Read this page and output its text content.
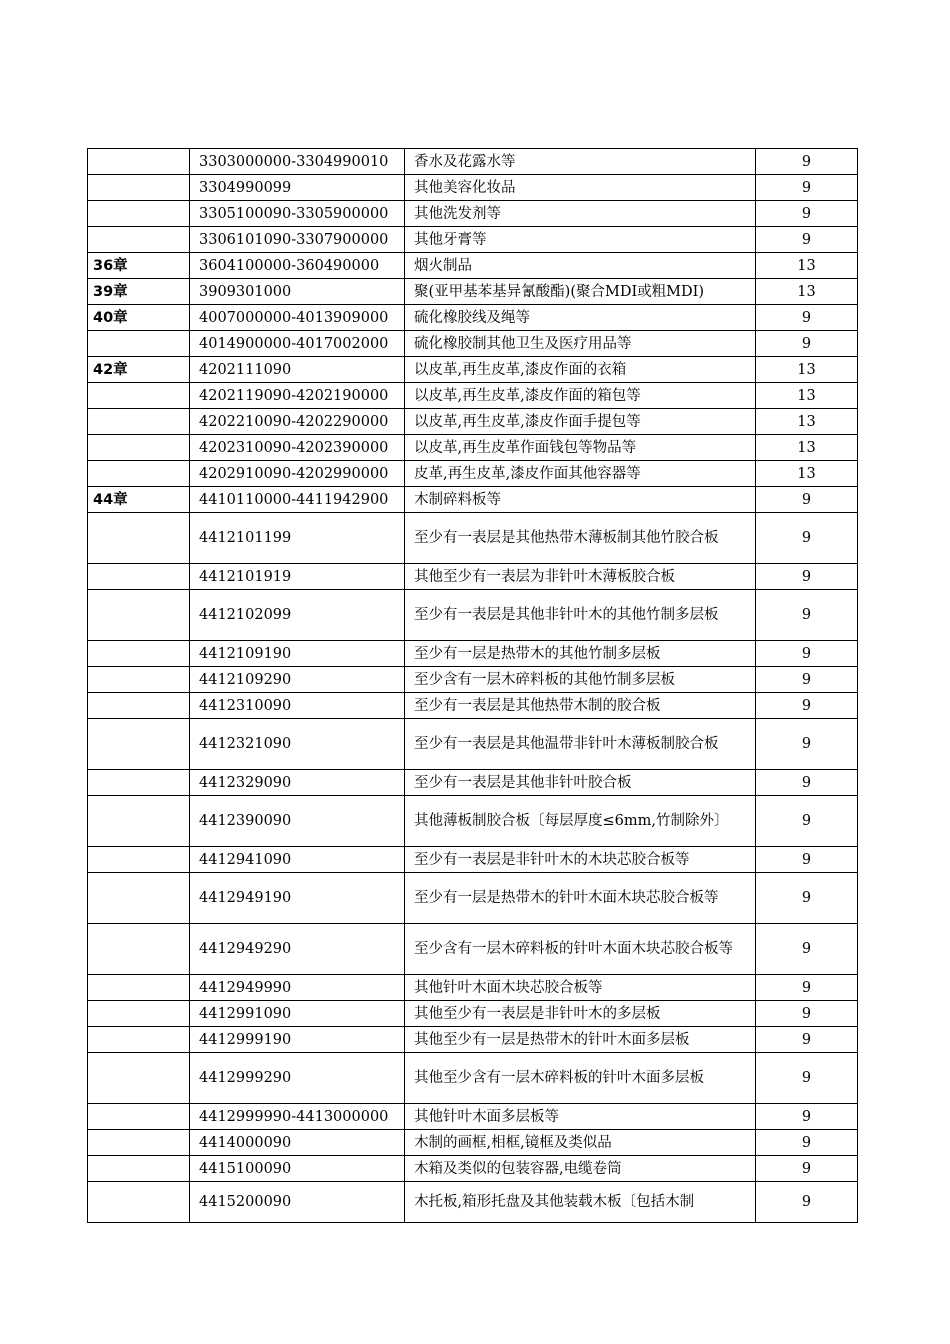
	3303000000-3304990010	香水及花露水等	9
	3304990099	其他美容化妆品	9
	3305100090-3305900000	其他洗发剂等	9
	3306101090-3307900000	其他牙膏等	9
36章	3604100000-360490000	烟火制品	13
39章	3909301000	聚(亚甲基苯基异氰酸酯)(聚合MDI或粗MDI)	13
40章	4007000000-4013909000	硫化橡胶线及绳等	9
	4014900000-4017002000	硫化橡胶制其他卫生及医疗用品等	9
42章	4202111090	以皮革,再生皮革,漆皮作面的衣箱	13
	4202119090-4202190000	以皮革,再生皮革,漆皮作面的箱包等	13
	4202210090-4202290000	以皮革,再生皮革,漆皮作面手提包等	13
	4202310090-4202390000	以皮革,再生皮革作面钱包等物品等	13
	4202910090-4202990000	皮革,再生皮革,漆皮作面其他容器等	13
44章	4410110000-4411942900	木制碎料板等	9
	4412101199	至少有一表层是其他热带木薄板制其他竹胶合板	9
	4412101919	其他至少有一表层为非针叶木薄板胶合板	9
	4412102099	至少有一表层是其他非针叶木的其他竹制多层板	9
	4412109190	至少有一层是热带木的其他竹制多层板	9
	4412109290	至少含有一层木碎料板的其他竹制多层板	9
	4412310090	至少有一表层是其他热带木制的胶合板	9
	4412321090	至少有一表层是其他温带非针叶木薄板制胶合板	9
	4412329090	至少有一表层是其他非针叶胶合板	9
	4412390090	其他薄板制胶合板〔每层厚度≤6mm,竹制除外〕	9
	4412941090	至少有一表层是非针叶木的木块芯胶合板等	9
	4412949190	至少有一层是热带木的针叶木面木块芯胶合板等	9
	4412949290	至少含有一层木碎料板的针叶木面木块芯胶合板等	9
	4412949990	其他针叶木面木块芯胶合板等	9
	4412991090	其他至少有一表层是非针叶木的多层板	9
	4412999190	其他至少有一层是热带木的针叶木面多层板	9
	4412999290	其他至少含有一层木碎料板的针叶木面多层板	9
	4412999990-4413000000	其他针叶木面多层板等	9
	4414000090	木制的画框,相框,镜框及类似品	9
	4415100090	木箱及类似的包装容器,电缆卷筒	9
	4415200090	木托板,箱形托盘及其他装载木板〔包括木制	9
